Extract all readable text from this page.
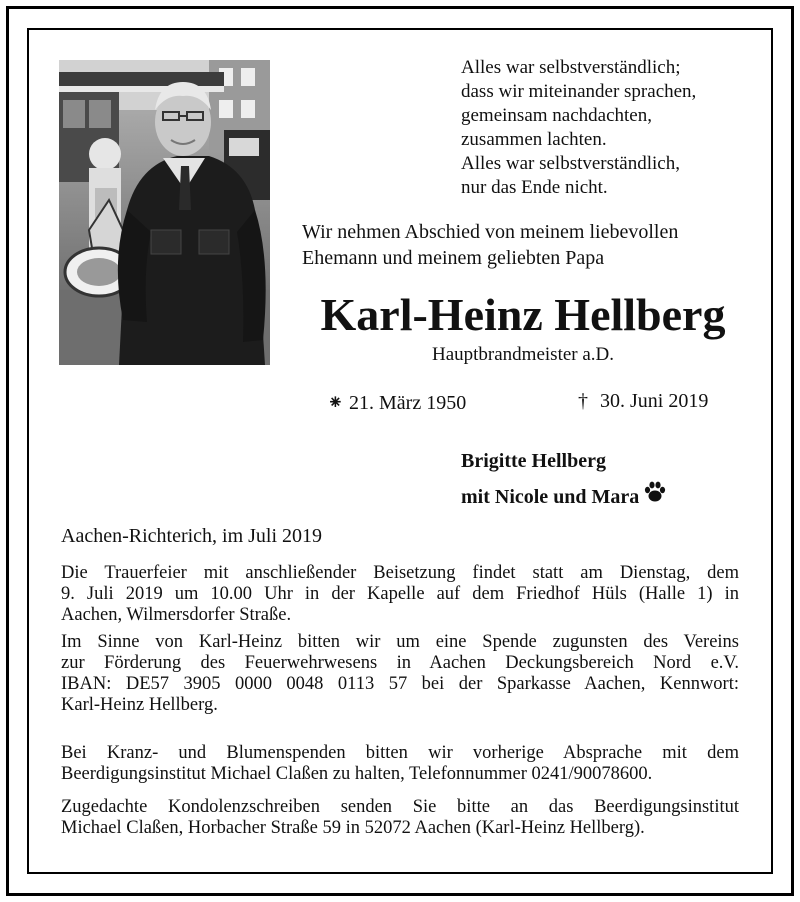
Alles war selbstverständlich;
dass wir miteinander sprachen,
gemeinsam nachdachten,
zusammen lachten.
Alles war selbstverständlich,
nur das Ende nicht.
Wir nehmen Abschied von meinem liebevollen
Ehemann und meinem geliebten Papa
Karl-Heinz Hellberg
Hauptbrandmeister a.D.
⁕ 21. März 1950	† 30. Juni 2019
Brigitte Hellberg
mit Nicole und Mara
Aachen-Richterich, im Juli 2019
Die Trauerfeier mit anschließender Beisetzung findet statt am Dienstag, dem
9. Juli 2019 um 10.00 Uhr in der Kapelle auf dem Friedhof Hüls (Halle 1) in
Aachen, Wilmersdorfer Straße.
Im Sinne von Karl-Heinz bitten wir um eine Spende zugunsten des Vereins
zur Förderung des Feuerwehrwesens in Aachen Deckungsbereich Nord e.V.
IBAN: DE57 3905 0000 0048 0113 57 bei der Sparkasse Aachen, Kennwort:
Karl-Heinz Hellberg.
Bei Kranz- und Blumenspenden bitten wir vorherige Absprache mit dem
Beerdigungsinstitut Michael Claßen zu halten, Telefonnummer 0241/90078600.
Zugedachte Kondolenzschreiben senden Sie bitte an das Beerdigungsinstitut
Michael Claßen, Horbacher Straße 59 in 52072 Aachen (Karl-Heinz Hellberg).
